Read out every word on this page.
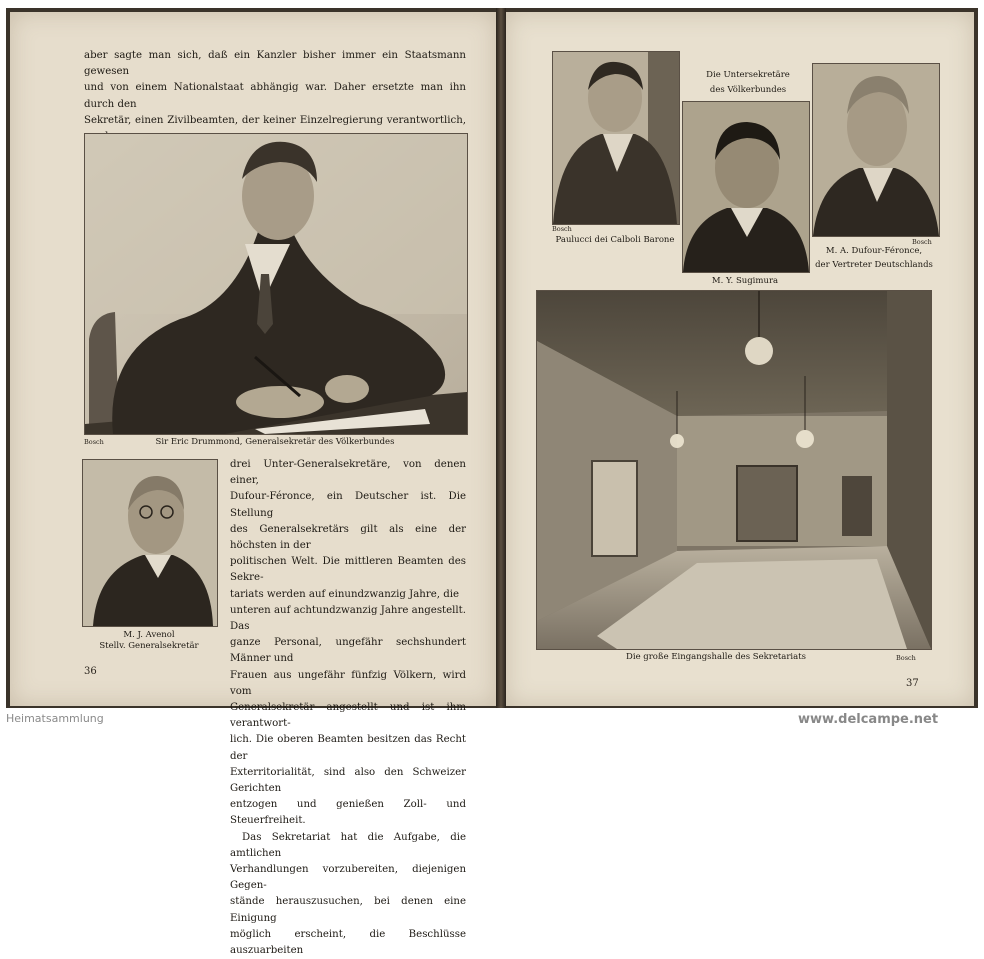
aber sagte man sich, daß ein Kanzler bisher immer ein Staatsmann gewesen

und von einem Nationalstaat abhängig war. Daher ersetzte man ihn durch den

Sekretär, einen Zivilbeamten, der keiner Einzelregierung verantwortlich,

Bosch	Sir Eric Drummond, Generalsekretär des Völkerbundes
M. J. Avenol
Stellv. Generalsekretär

drei Unter-Generalsekretäre, von denen einer,

Dufour-Féronce, ein Deutscher ist. Die Stellung

des Generalsekretärs gilt als eine der höchsten in der

politischen Welt. Die mittleren Beamten des Sekre-

tariats werden auf einundzwanzig Jahre, die

unteren auf achtundzwanzig Jahre angestellt. Das

ganze Personal, ungefähr sechshundert Männer und

Frauen aus ungefähr fünfzig Völkern, wird vom

Generalsekretär angestellt und ist ihm verantwort-

lich. Die oberen Beamten besitzen das Recht der

Exterritorialität, sind also den Schweizer Gerichten

entzogen und genießen Zoll- und Steuerfreiheit.

Das Sekretariat hat die Aufgabe, die amtlichen

Verhandlungen vorzubereiten, diejenigen Gegen-

stände herauszusuchen, bei denen eine Einigung

möglich erscheint, die Beschlüsse auszuarbeiten

36
Bosch
Paulucci dei Calboli Barone
Die Untersekretäre
des Völkerbundes
M. Y. Sugimura
Bosch
M. A. Dufour-Féronce,
der Vertreter Deutschlands
Die große Eingangshalle des Sekretariats	Bosch
37
Heimatsammlung	www.delcampe.net
